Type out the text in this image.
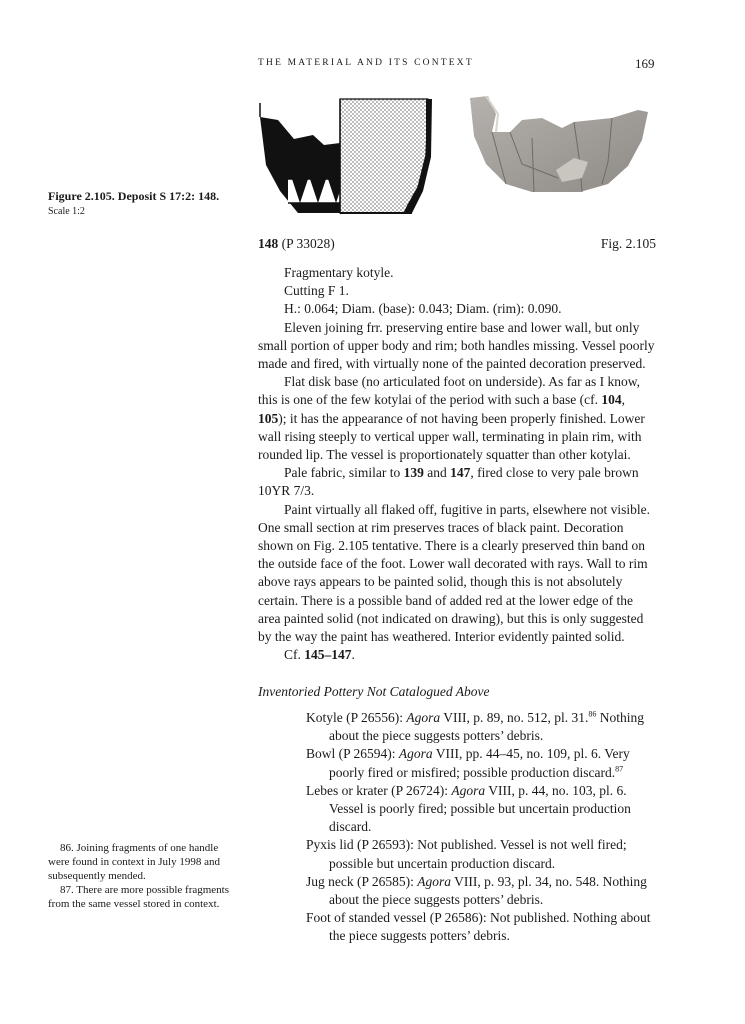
THE MATERIAL AND ITS CONTEXT	169
Figure 2.105. Deposit S 17:2: 148.
Scale 1:2
148 (P 33028)	Fig. 2.105

Fragmentary kotyle.

Cutting F 1.

H.: 0.064; Diam. (base): 0.043; Diam. (rim): 0.090.

Eleven joining frr. preserving entire base and lower wall, but only small portion of upper body and rim; both handles missing. Vessel poorly made and fired, with virtually none of the painted decoration preserved.

Flat disk base (no articulated foot on underside). As far as I know, this is one of the few kotylai of the period with such a base (cf. 104, 105); it has the appearance of not having been properly finished. Lower wall rising steeply to vertical upper wall, terminating in plain rim, with rounded lip. The vessel is proportionately squatter than other kotylai.

Pale fabric, similar to 139 and 147, fired close to very pale brown 10YR 7/3.

Paint virtually all flaked off, fugitive in parts, elsewhere not visible. One small section at rim preserves traces of black paint. Decoration shown on Fig. 2.105 tentative. There is a clearly preserved thin band on the outside face of the foot. Lower wall decorated with rays. Wall to rim above rays appears to be painted solid, though this is not absolutely certain. There is a possible band of added red at the lower edge of the area painted solid (not indicated on drawing), but this is only suggested by the way the paint has weathered. Interior evidently painted solid.

Cf. 145–147.

Inventoried Pottery Not Catalogued Above
Kotyle (P 26556): Agora VIII, p. 89, no. 512, pl. 31.86 Nothing about the piece suggests potters’ debris.
Bowl (P 26594): Agora VIII, pp. 44–45, no. 109, pl. 6. Very poorly fired or misfired; possible production discard.$^{87}$
Lebes or krater (P 26724): Agora VIII, p. 44, no. 103, pl. 6. Vessel is poorly fired; possible but uncertain production discard.
Pyxis lid (P 26593): Not published. Vessel is not well fired; possible but uncertain production discard.
Jug neck (P 26585): Agora VIII, p. 93, pl. 34, no. 548. Nothing about the piece suggests potters’ debris.
Foot of standed vessel (P 26586): Not published. Nothing about the piece suggests potters’ debris.

86. Joining fragments of one handle were found in context in July 1998 and subsequently mended.

87. There are more possible fragments from the same vessel stored in context.
